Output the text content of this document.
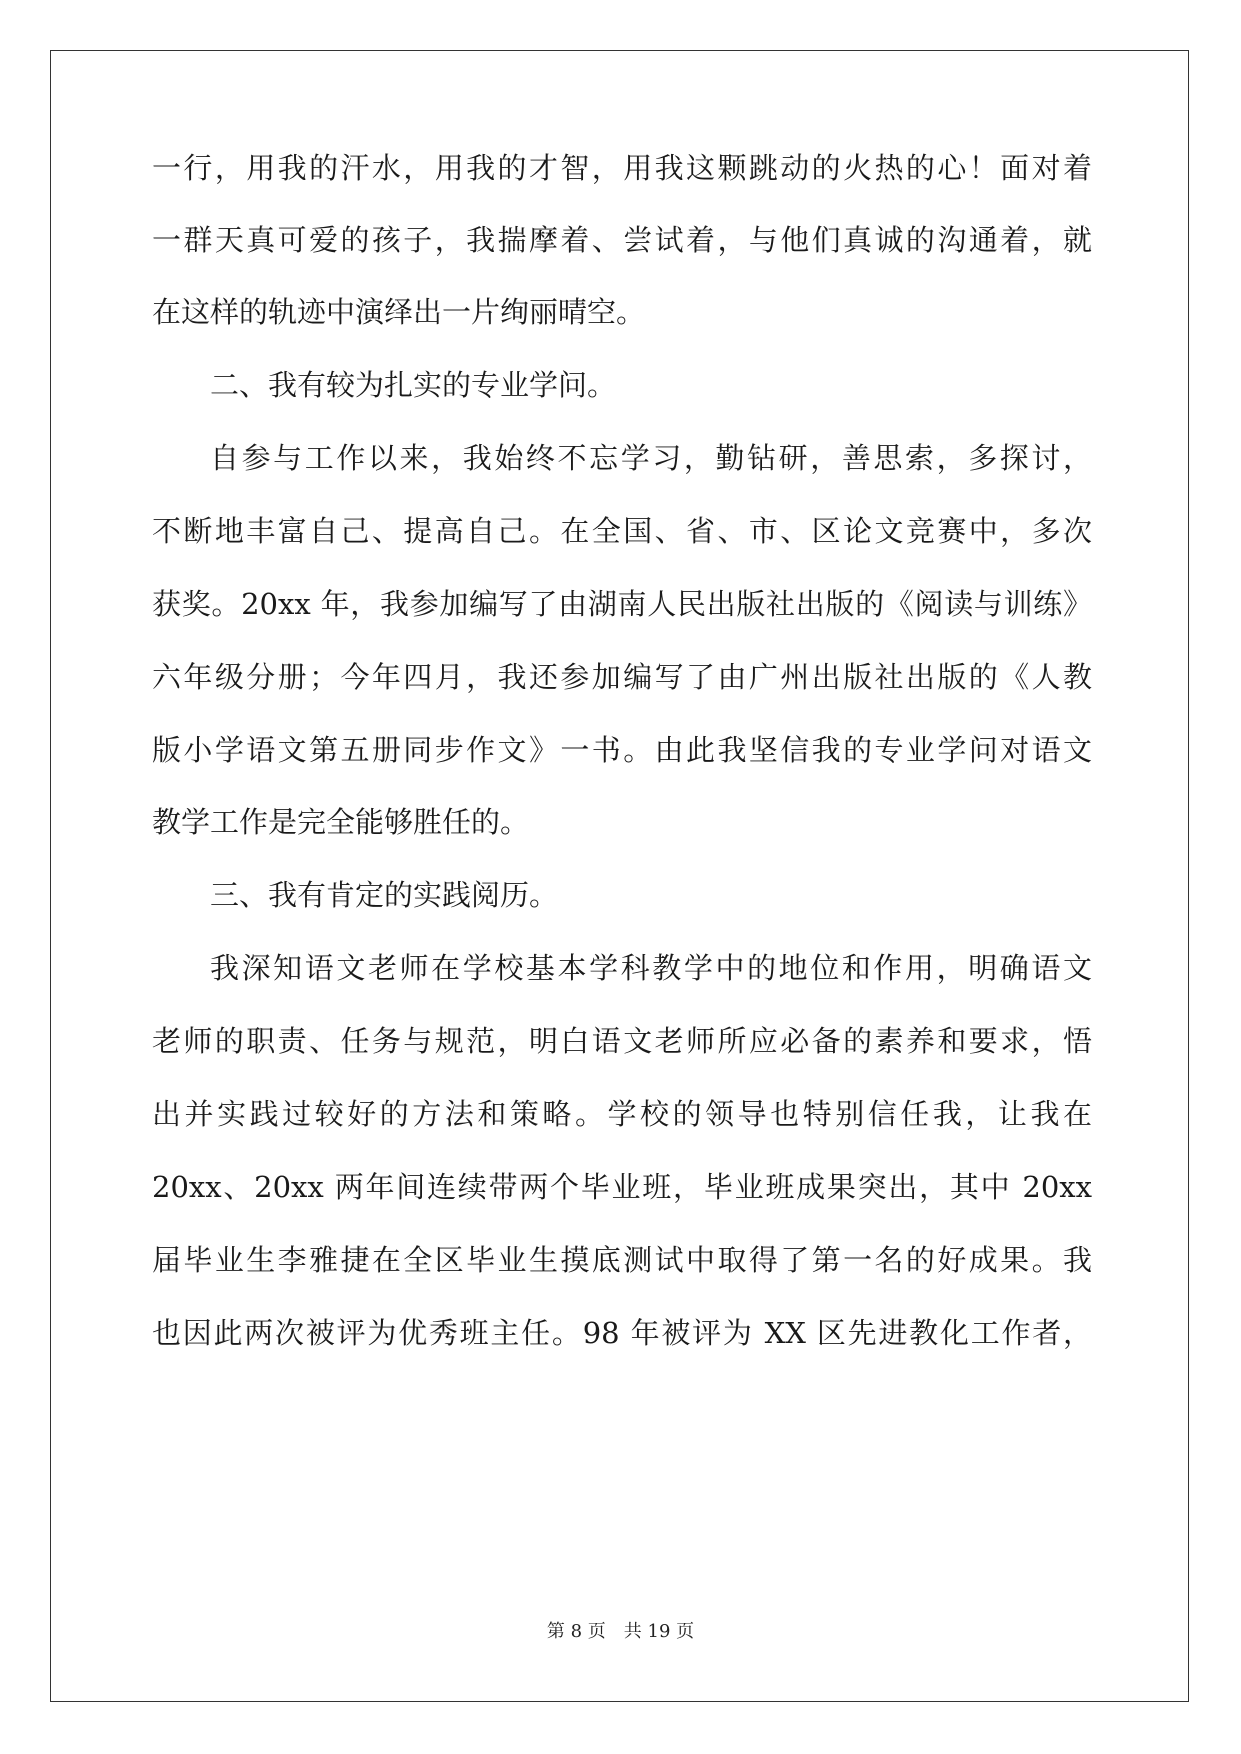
一行，用我的汗水，用我的才智，用我这颗跳动的火热的心！面对着
一群天真可爱的孩子，我揣摩着、尝试着，与他们真诚的沟通着，就
在这样的轨迹中演绎出一片绚丽晴空。
二、我有较为扎实的专业学问。
自参与工作以来，我始终不忘学习，勤钻研，善思索，多探讨，
不断地丰富自己、提高自己。在全国、省、市、区论文竞赛中，多次
获奖。20xx 年，我参加编写了由湖南人民出版社出版的《阅读与训练》
六年级分册；今年四月，我还参加编写了由广州出版社出版的《人教
版小学语文第五册同步作文》一书。由此我坚信我的专业学问对语文
教学工作是完全能够胜任的。
三、我有肯定的实践阅历。
我深知语文老师在学校基本学科教学中的地位和作用，明确语文
老师的职责、任务与规范，明白语文老师所应必备的素养和要求，悟
出并实践过较好的方法和策略。学校的领导也特别信任我，让我在
20xx、20xx 两年间连续带两个毕业班，毕业班成果突出，其中 20xx
届毕业生李雅捷在全区毕业生摸底测试中取得了第一名的好成果。我
也因此两次被评为优秀班主任。98 年被评为 XX 区先进教化工作者，
第 8 页　共 19 页
